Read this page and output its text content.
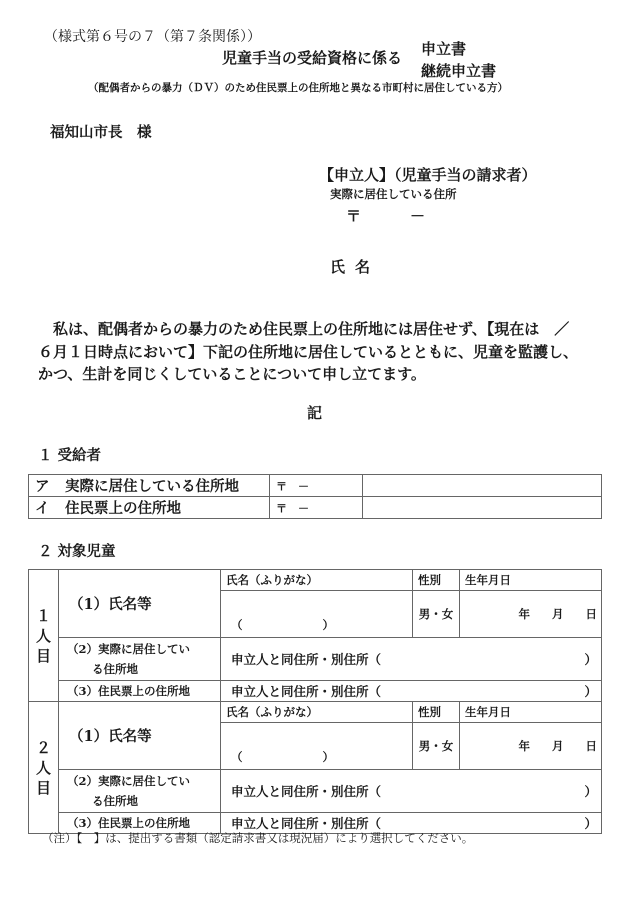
（様式第６号の７（第７条関係））
児童手当の受給資格に係る 申立書
継続申立書
（配偶者からの暴力（ＤＶ）のため住民票上の住所地と異なる市町村に居住している方）
福知山市長　様
【申立人】（児童手当の請求者）
実際に居住している住所
〒	－
氏名

　私は、配偶者からの暴力のため住民票上の住所地には居住せず、【現在は　／

６月１日時点において】下記の住所地に居住しているとともに、児童を監護し、

かつ、生計を同じくしていることについて申し立てます。

記
１ 受給者
ア 実際に居住している住所地	〒　－	
イ 住民票上の住所地	〒　－	
２ 対象児童
１
人
目	（1）氏名等	氏名（ふりがな）	性別	生年月日
		（ ）	男・女	年 月 日
	（2）実際に居住してい
る住所地	申立人と同住所・別住所（ ）		

	（3）住民票上の住所地	申立人と同住所・別住所（ ）		

２
人
目	（1）氏名等	氏名（ふりがな）	性別	生年月日
		（ ）	男・女	年 月 日
	（2）実際に居住してい
る住所地	申立人と同住所・別住所（ ）		

	（3）住民票上の住所地	申立人と同住所・別住所（ ）		
（注）【　】は、提出する書類（認定請求書又は現況届）により選択してください。
